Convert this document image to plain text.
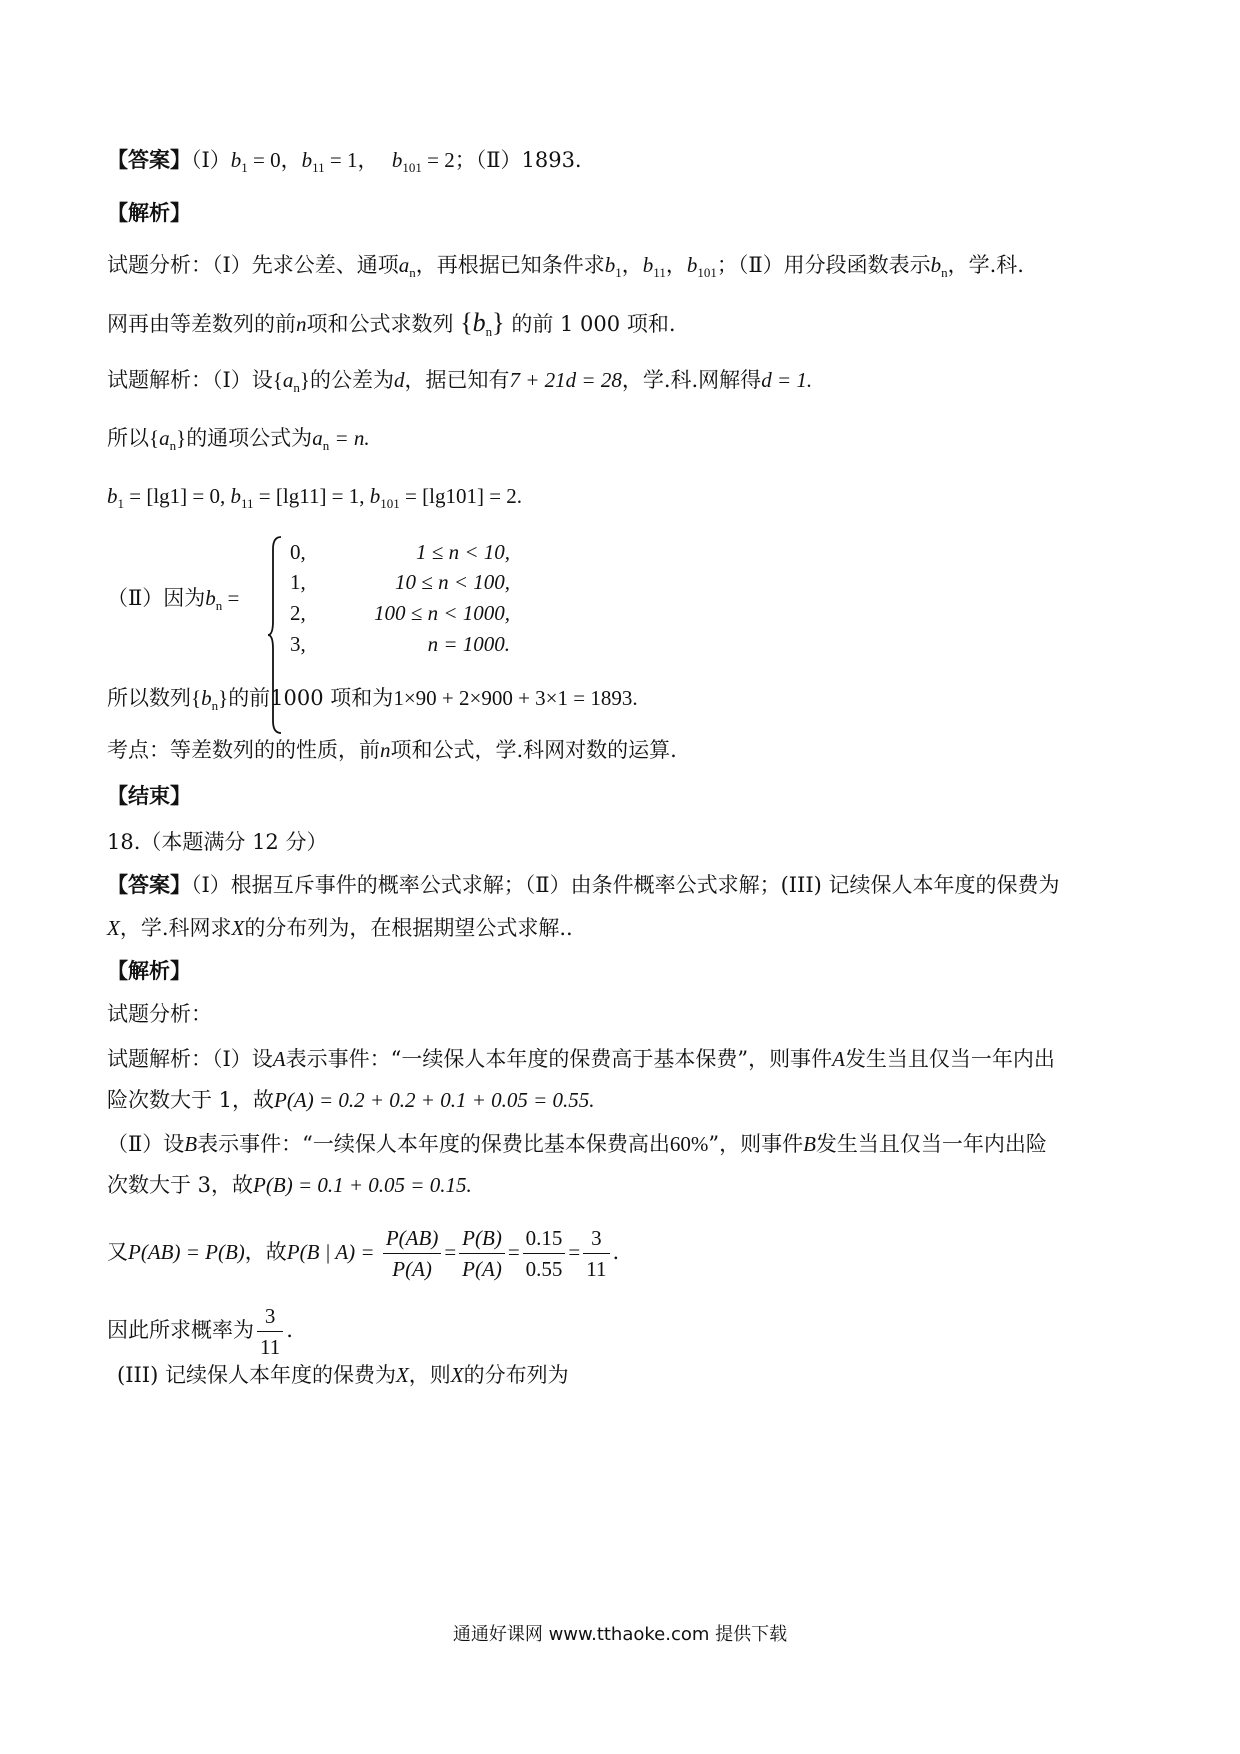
【答案】$(Ⅰ)b_1 = 0$，$b_{11} = 1$， $b_{101} = 2$；（Ⅱ）1893.
【解析】
试题分析：（Ⅰ）先求公差、通项$a_n$，再根据已知条件求$b_1$，$b_{11}$，$b_{101}$；（Ⅱ）用分段函数表示$b_n$，学.科.
网再由等差数列的前n项和公式求数列 $\{b_n\}$ 的前 1 000 项和.
试题解析：（Ⅰ）设$\{a_n\}$的公差为d，据已知有7 + 21d = 28，学.科.网解得d = 1.
所以$\{a_n\}$的通项公式为$a_n = n$.
$b_1 = [\lg 1] = 0$, $b_{11} = [\lg 11] = 1$, $b_{101} = [\lg 101] = 2$.
（Ⅱ）因为$b_n$ =
0,	1 ≤ n < 10,
1,	10 ≤ n < 100,
2,	100 ≤ n < 1000,
3,	n = 1000.
所以数列$\{b_n\}$的前1000 项和为1×90 + 2×900 + 3×1 = 1893.
考点：等差数列的的性质，前n项和公式，学.科网对数的运算.
【结束】
18.（本题满分 12 分）
【答案】（Ⅰ）根据互斥事件的概率公式求解；（Ⅱ）由条件概率公式求解；(III) 记续保人本年度的保费为
X，学.科网求X的分布列为，在根据期望公式求解..
【解析】
试题分析：
试题解析：（Ⅰ）设A表示事件：“一续保人本年度的保费高于基本保费”，则事件A发生当且仅当一年内出
险次数大于 1，故P(A) = 0.2 + 0.2 + 0.1 + 0.05 = 0.55.
（Ⅱ）设B表示事件：“一续保人本年度的保费比基本保费高出60%”，则事件B发生当且仅当一年内出险
次数大于 3，故P(B) = 0.1 + 0.05 = 0.15.
又P(AB) = P(B)，故P(B | $A) = \frac{P(AB)}{P(A)} = \frac{P(B)}{P(A)} = \frac{0.15}{0.55} = \frac{3}{11}$ .
因此所求概率为 $\frac{3}{11}$ .
(III) 记续保人本年度的保费为X，则X的分布列为
通通好课网 www.tthaoke.com 提供下载
